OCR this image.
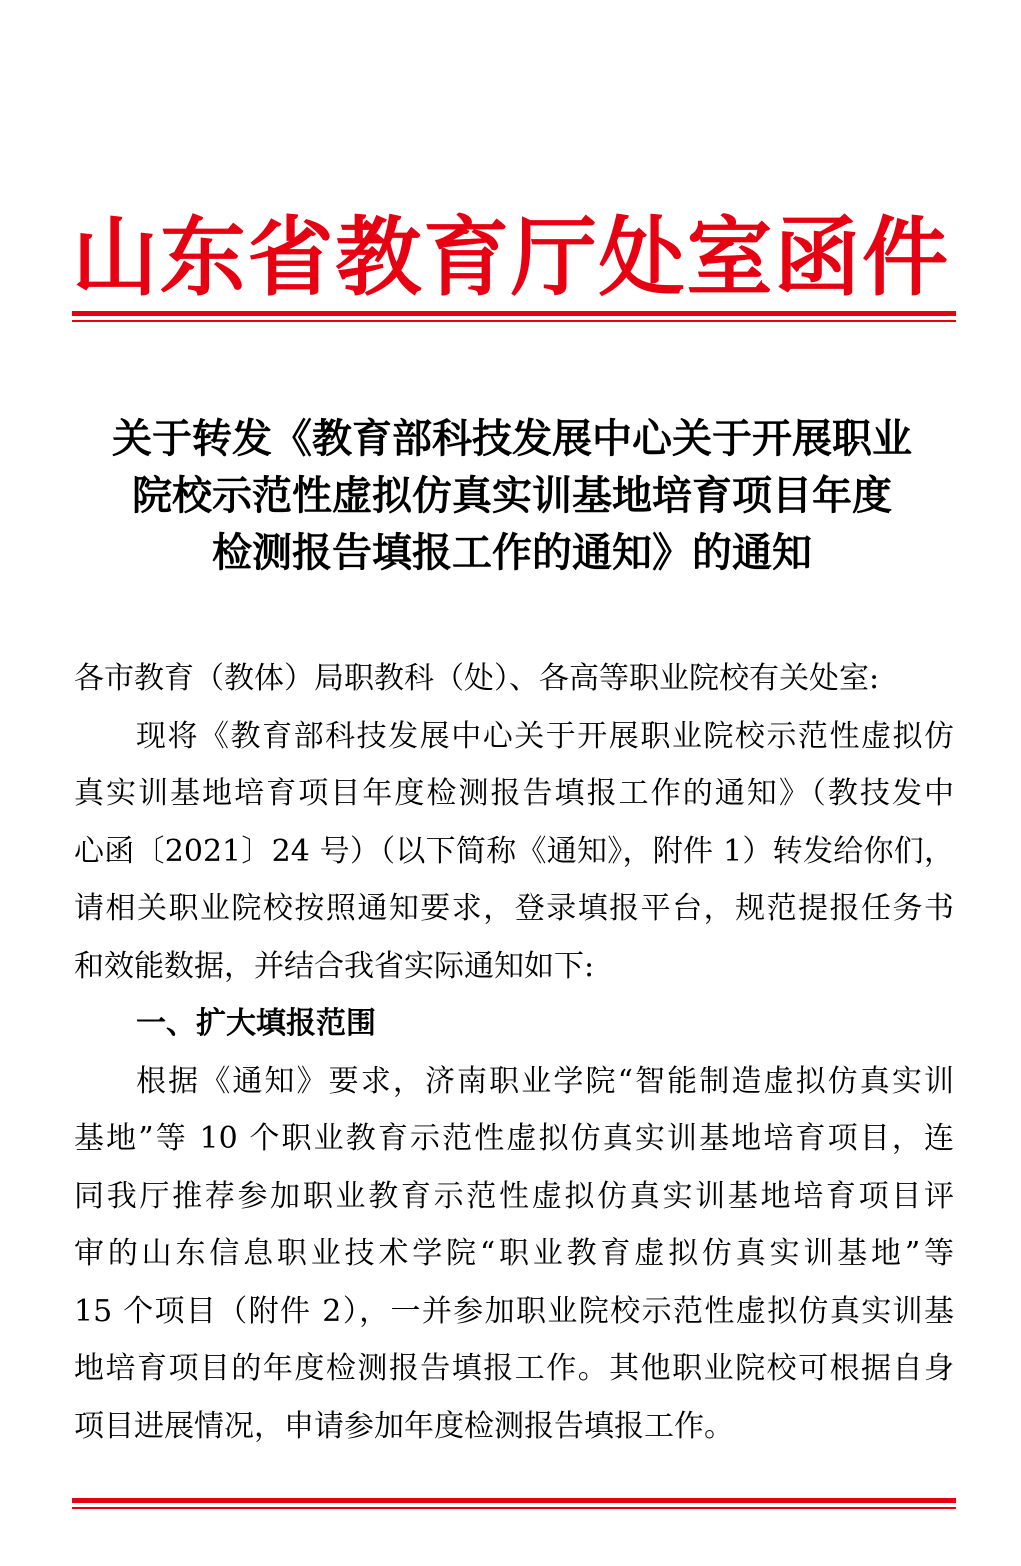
山东省教育厅处室函件
关于转发《教育部科技发展中心关于开展职业
院校示范性虚拟仿真实训基地培育项目年度
检测报告填报工作的通知》的通知
各市教育（教体）局职教科（处）、各高等职业院校有关处室:
现将《教育部科技发展中心关于开展职业院校示范性虚拟仿
真实训基地培育项目年度检测报告填报工作的通知》（教技发中
心函〔2021〕24 号）（以下简称《通知》，附件 1）转发给你们，
请相关职业院校按照通知要求，登录填报平台，规范提报任务书
和效能数据，并结合我省实际通知如下:
一、扩大填报范围
根据《通知》要求，济南职业学院“智能制造虚拟仿真实训
基地”等 10 个职业教育示范性虚拟仿真实训基地培育项目，连
同我厅推荐参加职业教育示范性虚拟仿真实训基地培育项目评
审的山东信息职业技术学院“职业教育虚拟仿真实训基地”等
15 个项目（附件 2），一并参加职业院校示范性虚拟仿真实训基
地培育项目的年度检测报告填报工作。其他职业院校可根据自身
项目进展情况，申请参加年度检测报告填报工作。
